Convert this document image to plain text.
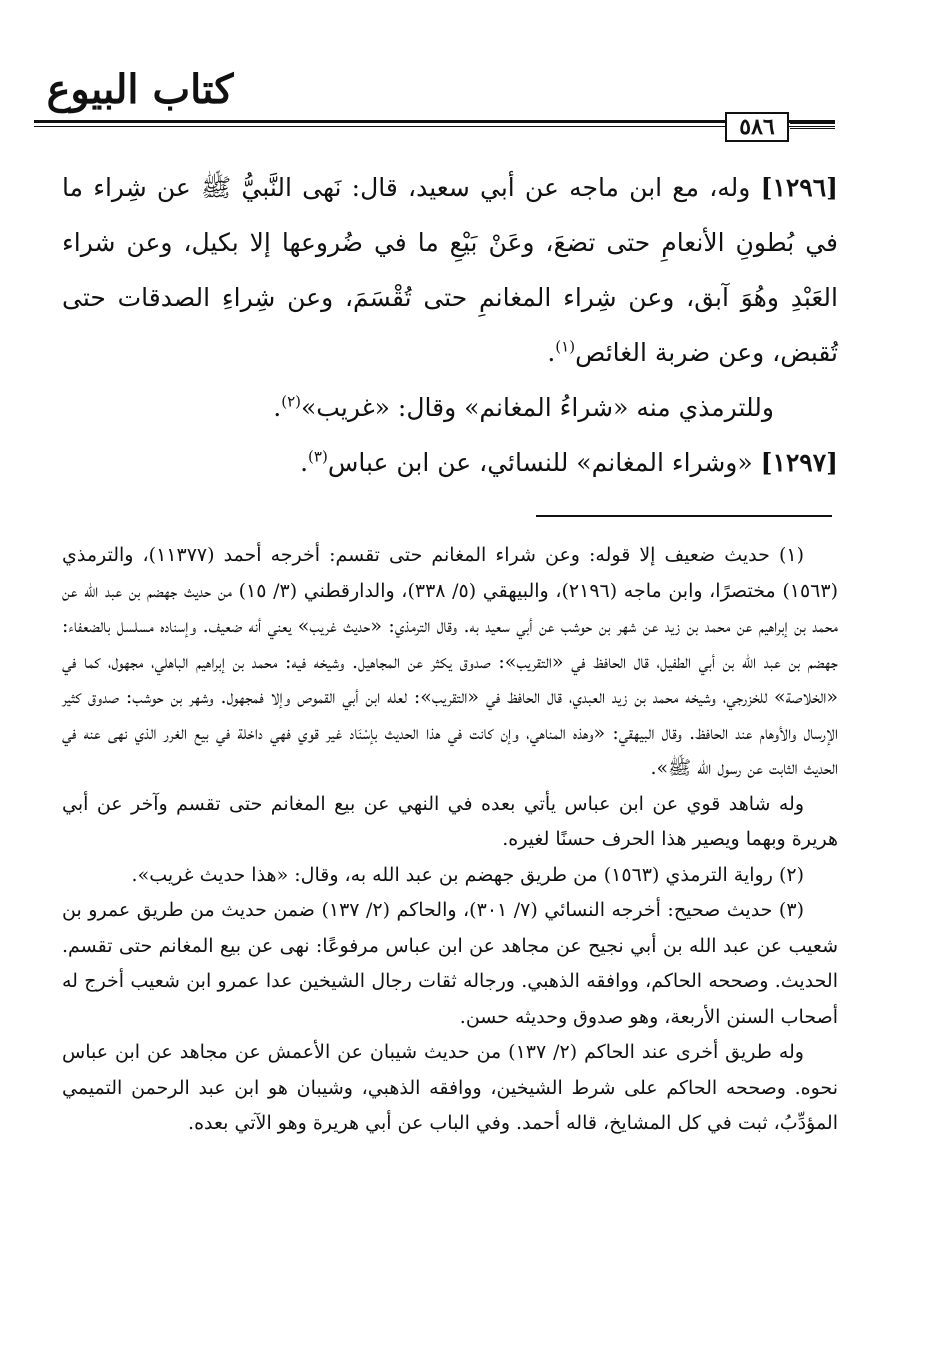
كتاب البيوع
٥٨٦

[١٢٩٦] وله، مع ابن ماجه عن أبي سعيد، قال: نَهى النَّبيُّ ﷺ عن شِراء ما في بُطونِ الأنعامِ حتى تضعَ، وعَنْ بَيْعِ ما في ضُروعها إلا بكيل، وعن شراء العَبْدِ وهُوَ آبق، وعن شِراء المغانمِ حتى تُقْسَمَ، وعن شِراءِ الصدقات حتى تُقبض، وعن ضربة الغائص$^{(١)}$.

وللترمذي منه «شراءُ المغانم» وقال: «غريب»$^{(٢)}$.

[١٢٩٧] «وشراء المغانم» للنسائي، عن ابن عباس$^{(٣)}$.

(١) حديث ضعيف إلا قوله: وعن شراء المغانم حتى تقسم: أخرجه أحمد (١١٣٧٧)، والترمذي (١٥٦٣) مختصرًا، وابن ماجه (٢١٩٦)، والبيهقي (٥/ ٣٣٨)، والدارقطني (٣/ ١٥) من حديث جهضم بن عبد الله عن محمد بن إبراهيم عن محمد بن زيد عن شهر بن حوشب عن أبي سعيد به. وقال الترمذي: «حديث غريب» يعني أنه ضعيف. وإسناده مسلسل بالضعفاء: جهضم بن عبد الله بن أبي الطفيل، قال الحافظ في «التقريب»: صدوق يكثر عن المجاهيل. وشيخه فيه: محمد بن إبراهيم الباهلي، مجهول، كما في «الخلاصة» للخزرجي، وشيخه محمد بن زيد العبدي، قال الحافظ في «التقريب»: لعله ابن أبي القموص وإلا فمجهول. وشهر بن حوشب: صدوق كثير الإرسال والأوهام عند الحافظ. وقال البيهقي: «وهذه المناهي، وإن كانت في هذا الحديث بإسْنَاد غير قوي فهي داخلة في بيع الغرر الذي نهى عنه في الحديث الثابت عن رسول الله ﷺ».

وله شاهد قوي عن ابن عباس يأتي بعده في النهي عن بيع المغانم حتى تقسم وآخر عن أبي هريرة وبهما ويصير هذا الحرف حسنًا لغيره.

(٢) رواية الترمذي (١٥٦٣) من طريق جهضم بن عبد الله به، وقال: «هذا حديث غريب».

(٣) حديث صحيح: أخرجه النسائي (٧/ ٣٠١)، والحاكم (٢/ ١٣٧) ضمن حديث من طريق عمرو بن شعيب عن عبد الله بن أبي نجيح عن مجاهد عن ابن عباس مرفوعًا: نهى عن بيع المغانم حتى تقسم. الحديث. وصححه الحاكم، ووافقه الذهبي. ورجاله ثقات رجال الشيخين عدا عمرو ابن شعيب أخرج له أصحاب السنن الأربعة، وهو صدوق وحديثه حسن.

وله طريق أخرى عند الحاكم (٢/ ١٣٧) من حديث شيبان عن الأعمش عن مجاهد عن ابن عباس نحوه. وصححه الحاكم على شرط الشيخين، ووافقه الذهبي، وشيبان هو ابن عبد الرحمن التميمي المؤدِّبُ، ثبت في كل المشايخ، قاله أحمد. وفي الباب عن أبي هريرة وهو الآتي بعده.
